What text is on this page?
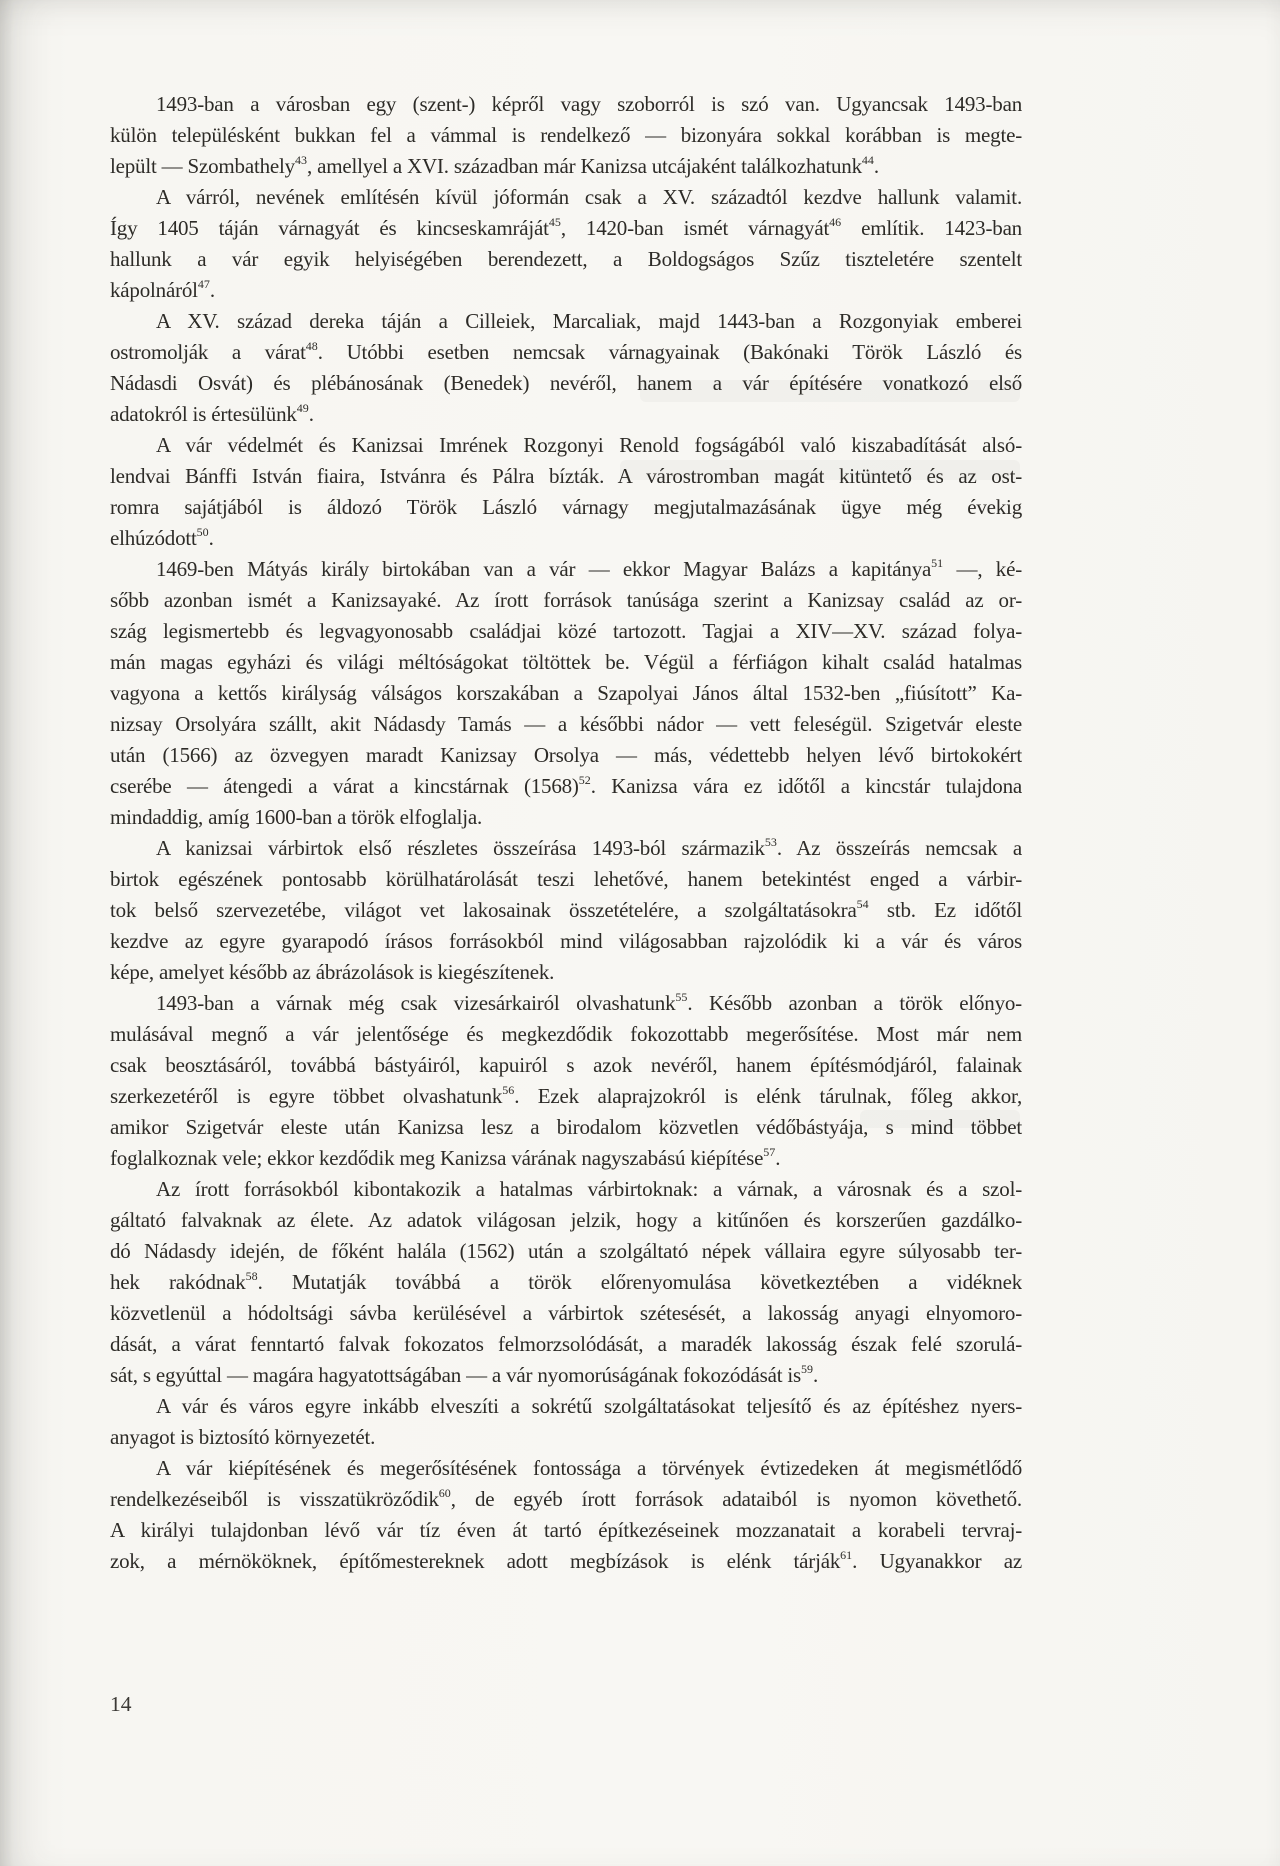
1493-ban a városban egy (szent-) képről vagy szoborról is szó van. Ugyancsak 1493-ban
külön településként bukkan fel a vámmal is rendelkező — bizonyára sokkal korábban is megte-
lepült — Szombathely$^{43}$, amellyel a XVI. században már Kanizsa utcájaként találkozhatunk$^{44}$.
A várról, nevének említésén kívül jóformán csak a XV. századtól kezdve hallunk valamit.
Így 1405 táján várnagyát és kincseskamráját$^{45}$, 1420-ban ismét várnagyát$^{46}$ említik. 1423-ban
hallunk a vár egyik helyiségében berendezett, a Boldogságos Szűz tiszteletére szentelt
kápolnáról$^{47}$.
A XV. század dereka táján a Cilleiek, Marcaliak, majd 1443-ban a Rozgonyiak emberei
ostromolják a várat$^{48}$. Utóbbi esetben nemcsak várnagyainak (Bakónaki Török László és
Nádasdi Osvát) és plébánosának (Benedek) nevéről, hanem a vár építésére vonatkozó első
adatokról is értesülünk$^{49}$.
A vár védelmét és Kanizsai Imrének Rozgonyi Renold fogságából való kiszabadítását alsó-
lendvai Bánffi István fiaira, Istvánra és Pálra bízták. A várostromban magát kitüntető és az ost-
romra sajátjából is áldozó Török László várnagy megjutalmazásának ügye még évekig
elhúzódott$^{50}$.
1469-ben Mátyás király birtokában van a vár — ekkor Magyar Balázs a kapitánya$^{51}$ —, ké-
sőbb azonban ismét a Kanizsayaké. Az írott források tanúsága szerint a Kanizsay család az or-
szág legismertebb és legvagyonosabb családjai közé tartozott. Tagjai a XIV—XV. század folya-
mán magas egyházi és világi méltóságokat töltöttek be. Végül a férfiágon kihalt család hatalmas
vagyona a kettős királyság válságos korszakában a Szapolyai János által 1532-ben „fiúsított” Ka-
nizsay Orsolyára szállt, akit Nádasdy Tamás — a későbbi nádor — vett feleségül. Szigetvár eleste
után (1566) az özvegyen maradt Kanizsay Orsolya — más, védettebb helyen lévő birtokokért
cserébe — átengedi a várat a kincstárnak $(1568)^{52}$. Kanizsa vára ez időtől a kincstár tulajdona
mindaddig, amíg 1600-ban a török elfoglalja.
A kanizsai várbirtok első részletes összeírása 1493-ból származik$^{53}$. Az összeírás nemcsak a
birtok egészének pontosabb körülhatárolását teszi lehetővé, hanem betekintést enged a várbir-
tok belső szervezetébe, világot vet lakosainak összetételére, a szolgáltatásokra$^{54}$ stb. Ez időtől
kezdve az egyre gyarapodó írásos forrásokból mind világosabban rajzolódik ki a vár és város
képe, amelyet később az ábrázolások is kiegészítenek.
1493-ban a várnak még csak vizesárkairól olvashatunk$^{55}$. Később azonban a török előnyo-
mulásával megnő a vár jelentősége és megkezdődik fokozottabb megerősítése. Most már nem
csak beosztásáról, továbbá bástyáiról, kapuiról s azok nevéről, hanem építésmódjáról, falainak
szerkezetéről is egyre többet olvashatunk$^{56}$. Ezek alaprajzokról is elénk tárulnak, főleg akkor,
amikor Szigetvár eleste után Kanizsa lesz a birodalom közvetlen védőbástyája, s mind többet
foglalkoznak vele; ekkor kezdődik meg Kanizsa várának nagyszabású kiépítése$^{57}$.
Az írott forrásokból kibontakozik a hatalmas várbirtoknak: a várnak, a városnak és a szol-
gáltató falvaknak az élete. Az adatok világosan jelzik, hogy a kitűnően és korszerűen gazdálko-
dó Nádasdy idején, de főként halála (1562) után a szolgáltató népek vállaira egyre súlyosabb ter-
hek rakódnak$^{58}$. Mutatják továbbá a török előrenyomulása következtében a vidéknek
közvetlenül a hódoltsági sávba kerülésével a várbirtok szétesését, a lakosság anyagi elnyomoro-
dását, a várat fenntartó falvak fokozatos felmorzsolódását, a maradék lakosság észak felé szorulá-
sát, s egyúttal — magára hagyatottságában — a vár nyomorúságának fokozódását $is^{59}$.
A vár és város egyre inkább elveszíti a sokrétű szolgáltatásokat teljesítő és az építéshez nyers-
anyagot is biztosító környezetét.
A vár kiépítésének és megerősítésének fontossága a törvények évtizedeken át megismétlődő
rendelkezéseiből is visszatükröződik$^{60}$, de egyéb írott források adataiból is nyomon követhető.
A királyi tulajdonban lévő vár tíz éven át tartó építkezéseinek mozzanatait a korabeli tervraj-
zok, a mérnököknek, építőmestereknek adott megbízások is elénk tárják$^{61}$. Ugyanakkor az
14
